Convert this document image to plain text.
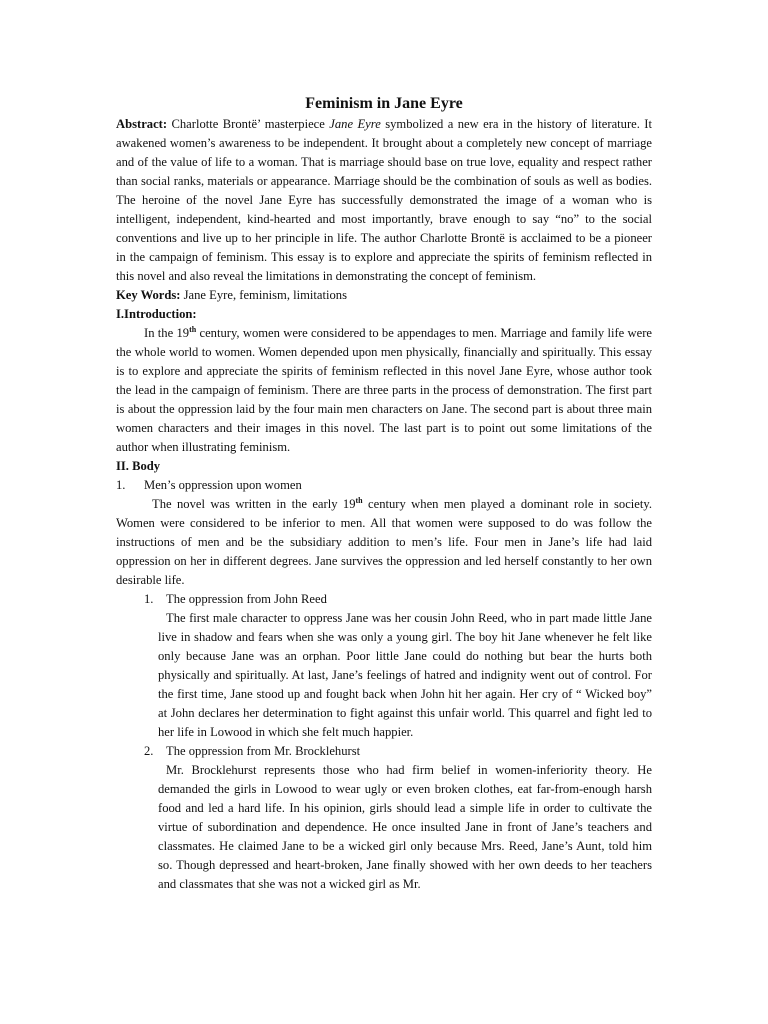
Feminism in Jane Eyre

Abstract: Charlotte Brontë’ masterpiece Jane Eyre symbolized a new era in the history of literature. It awakened women’s awareness to be independent. It brought about a completely new concept of marriage and of the value of life to a woman. That is marriage should base on true love, equality and respect rather than social ranks, materials or appearance. Marriage should be the combination of souls as well as bodies. The heroine of the novel Jane Eyre has successfully demonstrated the image of a woman who is intelligent, independent, kind-hearted and most importantly, brave enough to say “no” to the social conventions and live up to her principle in life. The author Charlotte Brontë is acclaimed to be a pioneer in the campaign of feminism. This essay is to explore and appreciate the spirits of feminism reflected in this novel and also reveal the limitations in demonstrating the concept of feminism.

Key Words: Jane Eyre, feminism, limitations

I.Introduction:

In the 19th century, women were considered to be appendages to men. Marriage and family life were the whole world to women. Women depended upon men physically, financially and spiritually. This essay is to explore and appreciate the spirits of feminism reflected in this novel Jane Eyre, whose author took the lead in the campaign of feminism. There are three parts in the process of demonstration. The first part is about the oppression laid by the four main men characters on Jane. The second part is about three main women characters and their images in this novel. The last part is to point out some limitations of the author when illustrating feminism.

II. Body

1. Men’s oppression upon women

The novel was written in the early 19th century when men played a dominant role in society. Women were considered to be inferior to men. All that women were supposed to do was follow the instructions of men and be the subsidiary addition to men’s life. Four men in Jane’s life had laid oppression on her in different degrees. Jane survives the oppression and led herself constantly to her own desirable life.

1. The oppression from John Reed

The first male character to oppress Jane was her cousin John Reed, who in part made little Jane live in shadow and fears when she was only a young girl. The boy hit Jane whenever he felt like only because Jane was an orphan. Poor little Jane could do nothing but bear the hurts both physically and spiritually. At last, Jane’s feelings of hatred and indignity went out of control. For the first time, Jane stood up and fought back when John hit her again. Her cry of “ Wicked boy” at John declares her determination to fight against this unfair world. This quarrel and fight led to her life in Lowood in which she felt much happier.

2. The oppression from Mr. Brocklehurst

Mr. Brocklehurst represents those who had firm belief in women-inferiority theory. He demanded the girls in Lowood to wear ugly or even broken clothes, eat far-from-enough harsh food and led a hard life. In his opinion, girls should lead a simple life in order to cultivate the virtue of subordination and dependence. He once insulted Jane in front of Jane’s teachers and classmates. He claimed Jane to be a wicked girl only because Mrs. Reed, Jane’s Aunt, told him so. Though depressed and heart-broken, Jane finally showed with her own deeds to her teachers and classmates that she was not a wicked girl as Mr.
